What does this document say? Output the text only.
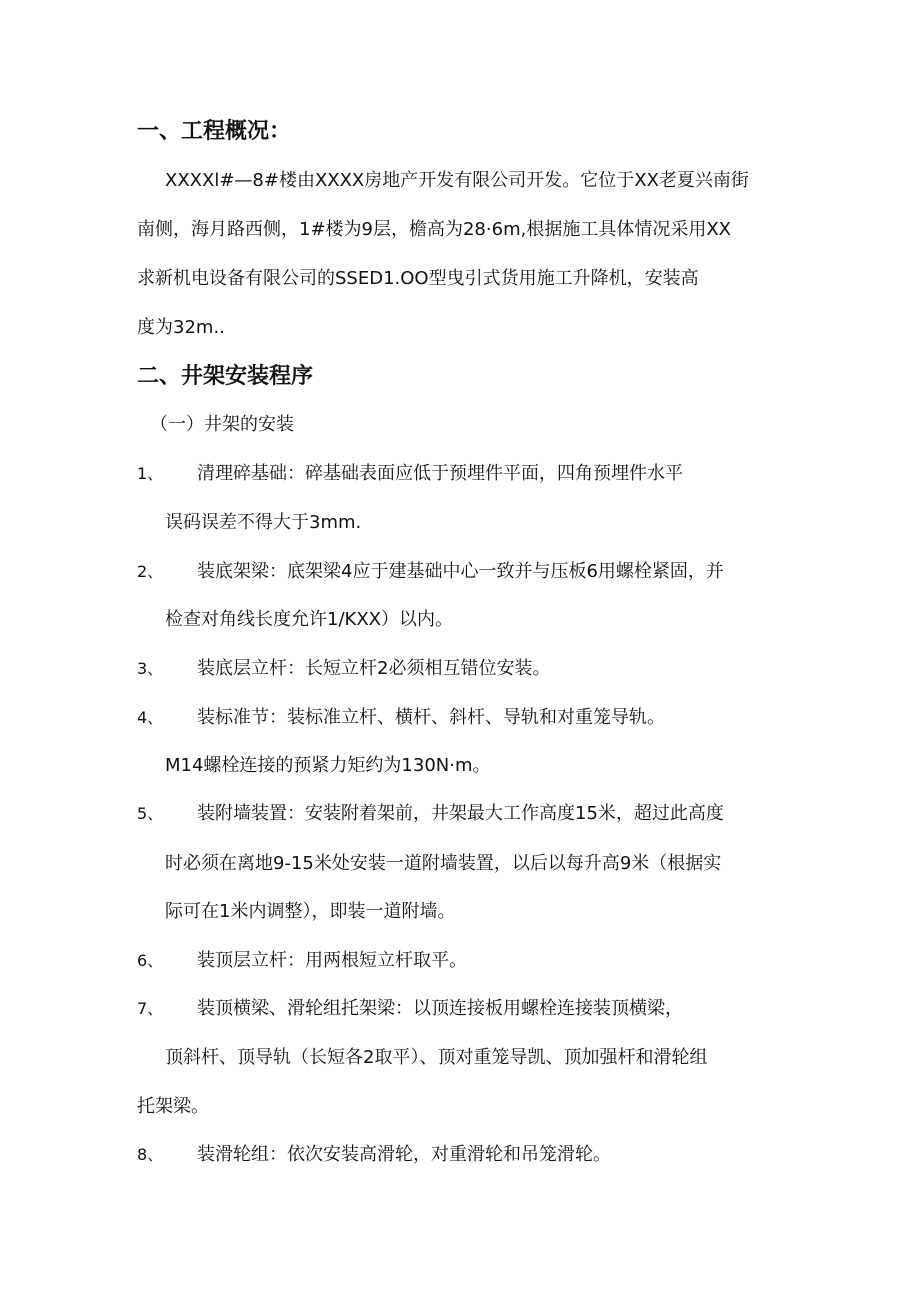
一、工程概况：
XXXXl#—8#楼由XXXX房地产开发有限公司开发。它位于XX老夏兴南街
南侧，海月路西侧，1#楼为9层，檐高为28·6m,根据施工具体情况采用XX
求新机电设备有限公司的SSED1.OO型曳引式货用施工升降机，安装高
度为32m..
二、井架安装程序
（一）井架的安装
1、 清理碎基础：碎基础表面应低于预埋件平面，四角预埋件水平
误码误差不得大于3mm.
2、 装底架梁：底架梁4应于建基础中心一致并与压板6用螺栓紧固，并
检查对角线长度允许1/KXX）以内。
3、 装底层立杆：长短立杆2必须相互错位安装。
4、 装标准节：装标准立杆、横杆、斜杆、导轨和对重笼导轨。
M14螺栓连接的预紧力矩约为130N·m。
5、 装附墙装置：安装附着架前，井架最大工作高度15米，超过此高度
时必须在离地9-15米处安装一道附墙装置，以后以每升高9米（根据实
际可在1米内调整），即装一道附墙。
6、 装顶层立杆：用两根短立杆取平。
7、 装顶横梁、滑轮组托架梁：以顶连接板用螺栓连接装顶横梁，
顶斜杆、顶导轨（长短各2取平）、顶对重笼导凯、顶加强杆和滑轮组
托架梁。
8、 装滑轮组：依次安装高滑轮，对重滑轮和吊笼滑轮。
